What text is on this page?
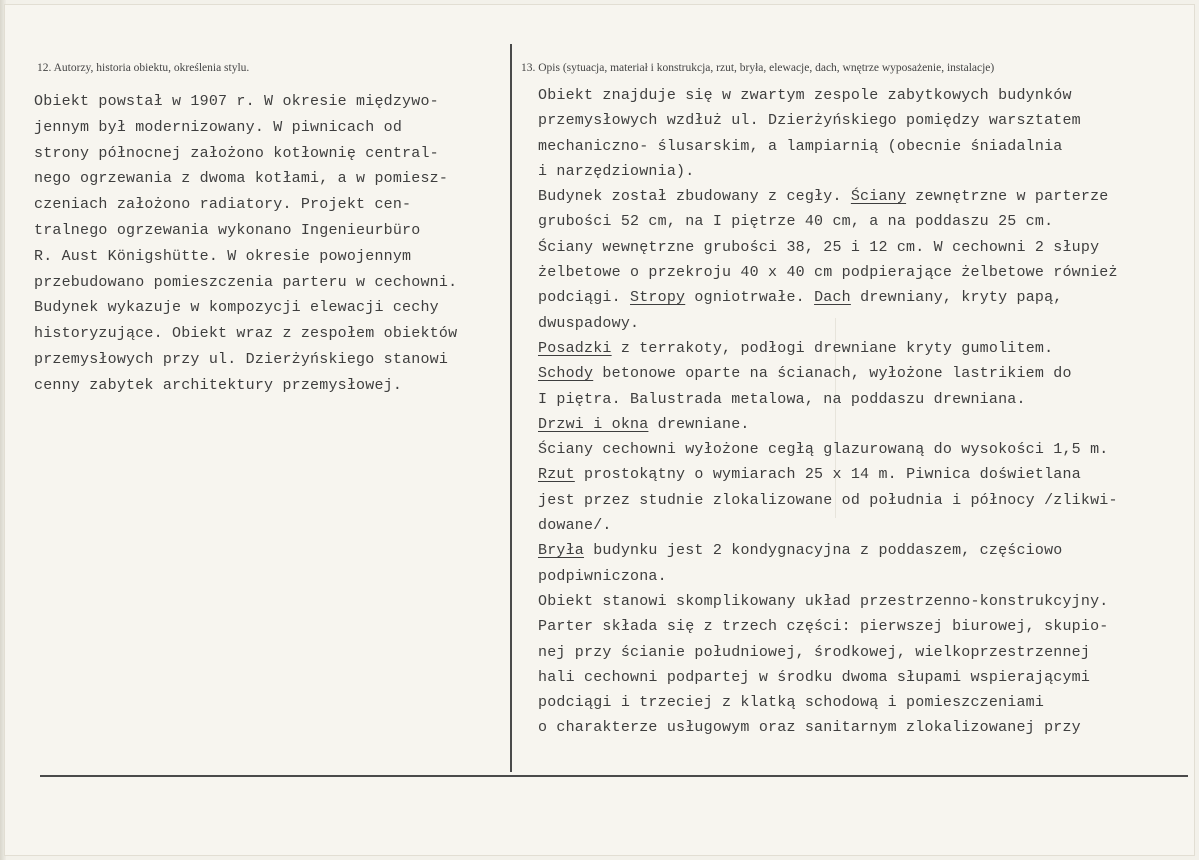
12. Autorzy, historia obiektu, określenia stylu.	13. Opis (sytuacja, materiał i konstrukcja, rzut, bryła, elewacje, dach, wnętrze wyposażenie, instalacje)
Obiekt powstał w 1907 r. W okresie międzywo-
jennym był modernizowany. W piwnicach od
strony północnej założono kotłownię central-
nego ogrzewania z dwoma kotłami, a w pomiesz-
czeniach założono radiatory. Projekt cen-
tralnego ogrzewania wykonano Ingenieurbüro
R. Aust Königshütte. W okresie powojennym
przebudowano pomieszczenia parteru w cechowni.
Budynek wykazuje w kompozycji elewacji cechy
historyzujące. Obiekt wraz z zespołem obiektów
przemysłowych przy ul. Dzierżyńskiego stanowi
cenny zabytek architektury przemysłowej.
Obiekt znajduje się w zwartym zespole zabytkowych budynków
przemysłowych wzdłuż ul. Dzierżyńskiego pomiędzy warsztatem
mechaniczno- ślusarskim, a lampiarnią (obecnie śniadalnia
i narzędziownia).
Budynek został zbudowany z cegły. Ściany zewnętrzne w parterze
grubości 52 cm, na I piętrze 40 cm, a na poddaszu 25 cm.
Ściany wewnętrzne grubości 38, 25 i 12 cm. W cechowni 2 słupy
żelbetowe o przekroju 40 x 40 cm podpierające żelbetowe również
podciągi. Stropy ogniotrwałe. Dach drewniany, kryty papą,
dwuspadowy.
Posadzki z terrakoty, podłogi drewniane kryty gumolitem.
Schody betonowe oparte na ścianach, wyłożone lastrikiem do
I piętra. Balustrada metalowa, na poddaszu drewniana.
Drzwi i okna drewniane.
Ściany cechowni wyłożone cegłą glazurowaną do wysokości 1,5 m.
Rzut prostokątny o wymiarach 25 x 14 m. Piwnica doświetlana
jest przez studnie zlokalizowane od południa i północy /zlikwi-
dowane/.
Bryła budynku jest 2 kondygnacyjna z poddaszem, częściowo
podpiwniczona.
Obiekt stanowi skomplikowany układ przestrzenno-konstrukcyjny.
Parter składa się z trzech części: pierwszej biurowej, skupio-
nej przy ścianie południowej, środkowej, wielkoprzestrzennej
hali cechowni podpartej w środku dwoma słupami wspierającymi
podciągi i trzeciej z klatką schodową i pomieszczeniami
o charakterze usługowym oraz sanitarnym zlokalizowanej przy
